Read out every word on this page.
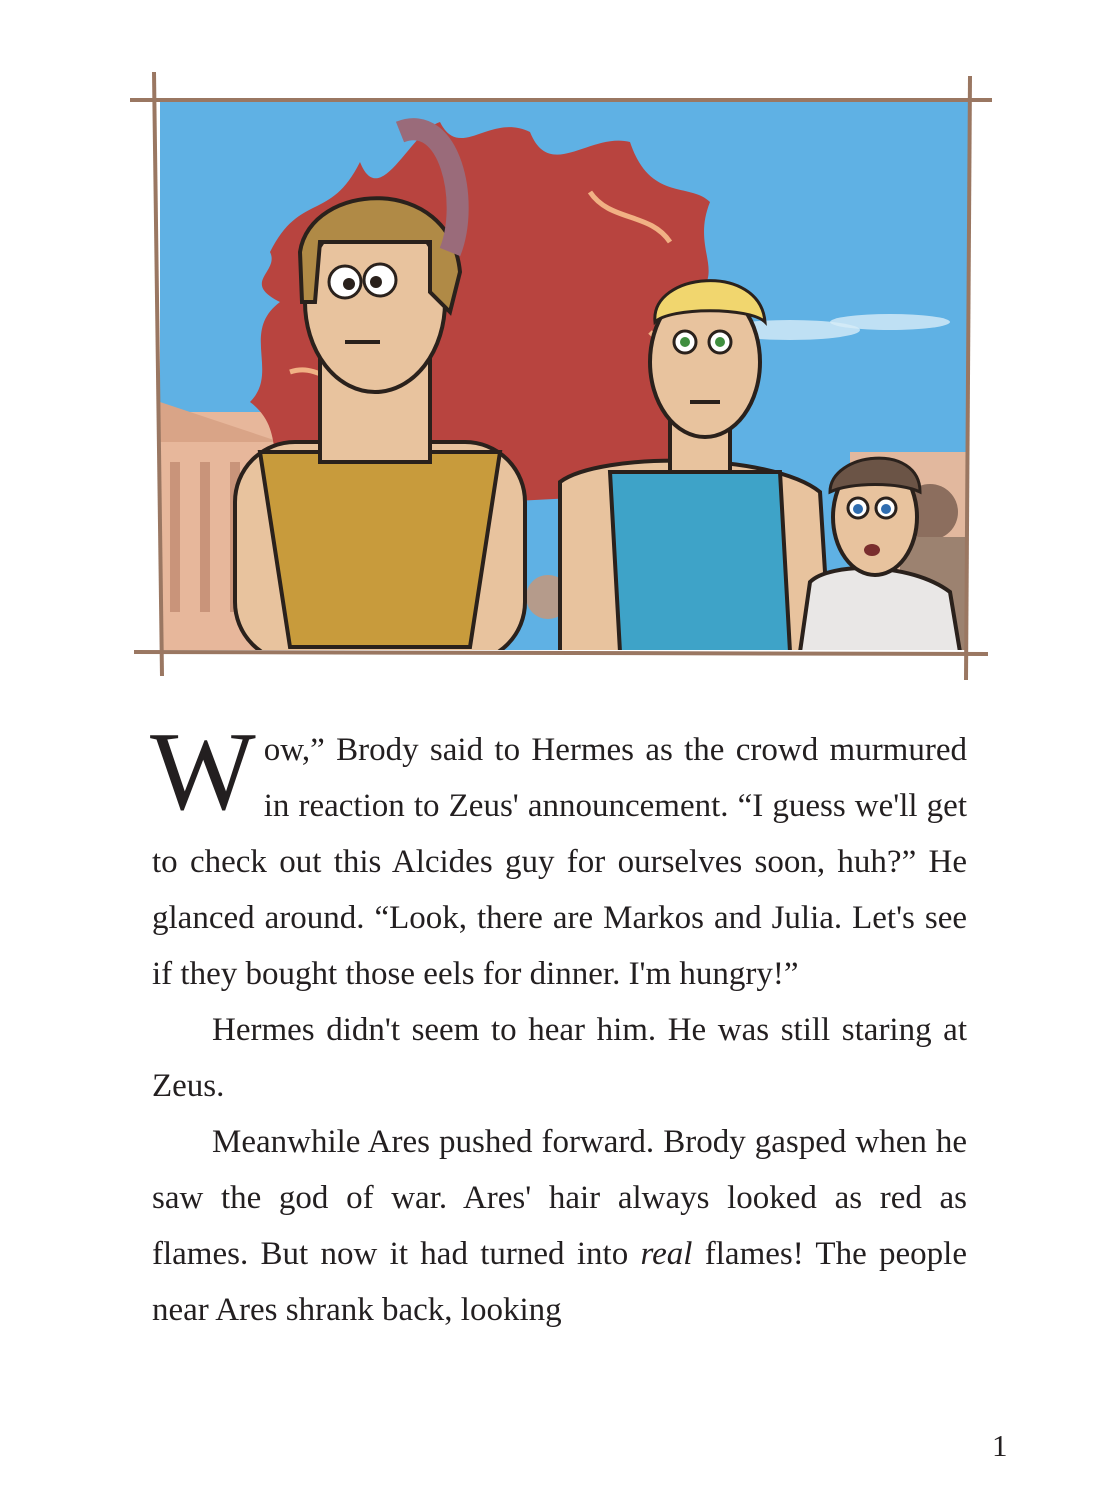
Wow,” Brody said to Hermes as the crowd murmured in reaction to Zeus' announcement. “I guess we'll get to check out this Alcides guy for ourselves soon, huh?” He glanced around. “Look, there are Markos and Julia. Let's see if they bought those eels for dinner. I'm hungry!”

Hermes didn't seem to hear him. He was still staring at Zeus.

Meanwhile Ares pushed forward. Brody gasped when he saw the god of war. Ares' hair always looked as red as flames. But now it had turned into real flames! The people near Ares shrank back, looking

1
